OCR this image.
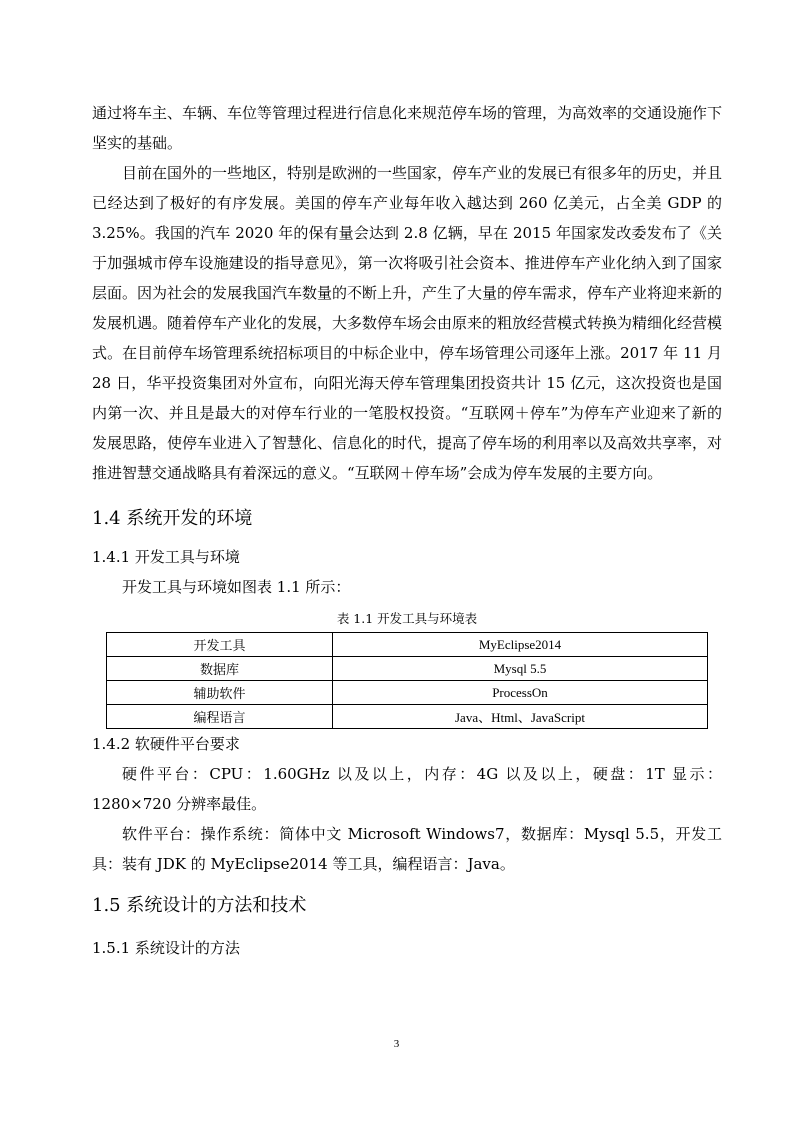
通过将车主、车辆、车位等管理过程进行信息化来规范停车场的管理，为高效率的交通设施作下坚实的基础。

目前在国外的一些地区，特别是欧洲的一些国家，停车产业的发展已有很多年的历史，并且已经达到了极好的有序发展。美国的停车产业每年收入越达到 260 亿美元，占全美 GDP 的 3.25%。我国的汽车 2020 年的保有量会达到 2.8 亿辆，早在 2015 年国家发改委发布了《关于加强城市停车设施建设的指导意见》，第一次将吸引社会资本、推进停车产业化纳入到了国家层面。因为社会的发展我国汽车数量的不断上升，产生了大量的停车需求，停车产业将迎来新的发展机遇。随着停车产业化的发展，大多数停车场会由原来的粗放经营模式转换为精细化经营模式。在目前停车场管理系统招标项目的中标企业中，停车场管理公司逐年上涨。2017 年 11 月 28 日，华平投资集团对外宣布，向阳光海天停车管理集团投资共计 15 亿元，这次投资也是国内第一次、并且是最大的对停车行业的一笔股权投资。“互联网＋停车”为停车产业迎来了新的发展思路，使停车业进入了智慧化、信息化的时代，提高了停车场的利用率以及高效共享率，对推进智慧交通战略具有着深远的意义。“互联网＋停车场”会成为停车发展的主要方向。

1.4 系统开发的环境
1.4.1 开发工具与环境

开发工具与环境如图表 1.1 所示：

表 1.1 开发工具与环境表
开发工具	MyEclipse2014
数据库	Mysql 5.5
辅助软件	ProcessOn
编程语言	Java、Html、JavaScript
1.4.2 软硬件平台要求

硬件平台：CPU：1.60GHz 以及以上，内存：4G 以及以上，硬盘：1T 显示：1280×720 分辨率最佳。

软件平台：操作系统：简体中文 Microsoft Windows7，数据库：Mysql 5.5，开发工具：装有 JDK 的 MyEclipse2014 等工具，编程语言：Java。

1.5 系统设计的方法和技术
1.5.1 系统设计的方法
3
